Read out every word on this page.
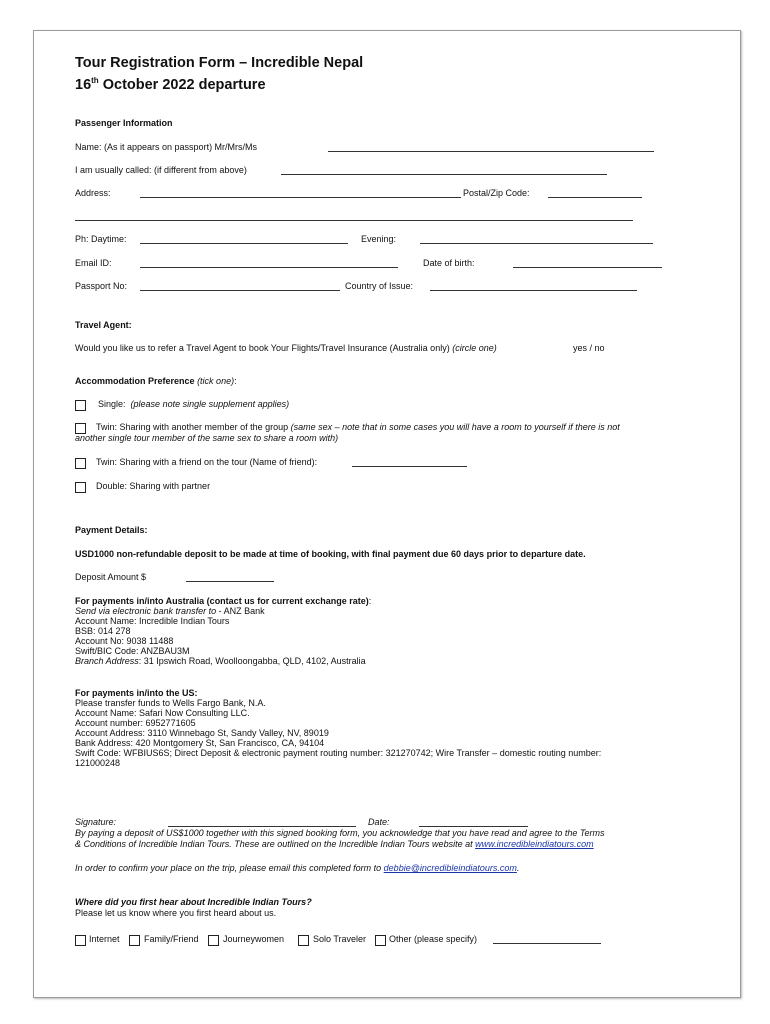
Tour Registration Form – Incredible Nepal
16th October 2022 departure
Passenger Information
Name: (As it appears on passport) Mr/Mrs/Ms
I am usually called: (if different from above)
Address:	Postal/Zip Code:
Ph: Daytime:	Evening:
Email ID:	Date of birth:
Passport No:	Country of Issue:
Travel Agent:
Would you like us to refer a Travel Agent to book Your Flights/Travel Insurance (Australia only) (circle one)	yes / no
Accommodation Preference (tick one):
Single: (please note single supplement applies)
Twin: Sharing with another member of the group (same sex – note that in some cases you will have a room to yourself if there is not
another single tour member of the same sex to share a room with)
Twin: Sharing with a friend on the tour (Name of friend):
Double: Sharing with partner
Payment Details:
USD1000 non-refundable deposit to be made at time of booking, with final payment due 60 days prior to departure date.
Deposit Amount $
For payments in/into Australia (contact us for current exchange rate):
Send via electronic bank transfer to - ANZ Bank
Account Name: Incredible Indian Tours
BSB: 014 278
Account No: 9038 11488
Swift/BIC Code: ANZBAU3M
Branch Address: 31 Ipswich Road, Woolloongabba, QLD, 4102, Australia
For payments in/into the US:
Please transfer funds to Wells Fargo Bank, N.A.
Account Name: Safari Now Consulting LLC.
Account number: 6952771605
Account Address: 3110 Winnebago St, Sandy Valley, NV, 89019
Bank Address: 420 Montgomery St, San Francisco, CA, 94104
Swift Code: WFBIUS6S; Direct Deposit & electronic payment routing number: 321270742; Wire Transfer – domestic routing number:
121000248
Signature:	Date:
By paying a deposit of US$1000 together with this signed booking form, you acknowledge that you have read and agree to the Terms
& Conditions of Incredible Indian Tours. These are outlined on the Incredible Indian Tours website at www.incredibleindiatours.com
In order to confirm your place on the trip, please email this completed form to debbie@incredibleindiatours.com.
Where did you first hear about Incredible Indian Tours?
Please let us know where you first heard about us.
Internet	Family/Friend	Journeywomen	Solo Traveler	Other (please specify)
